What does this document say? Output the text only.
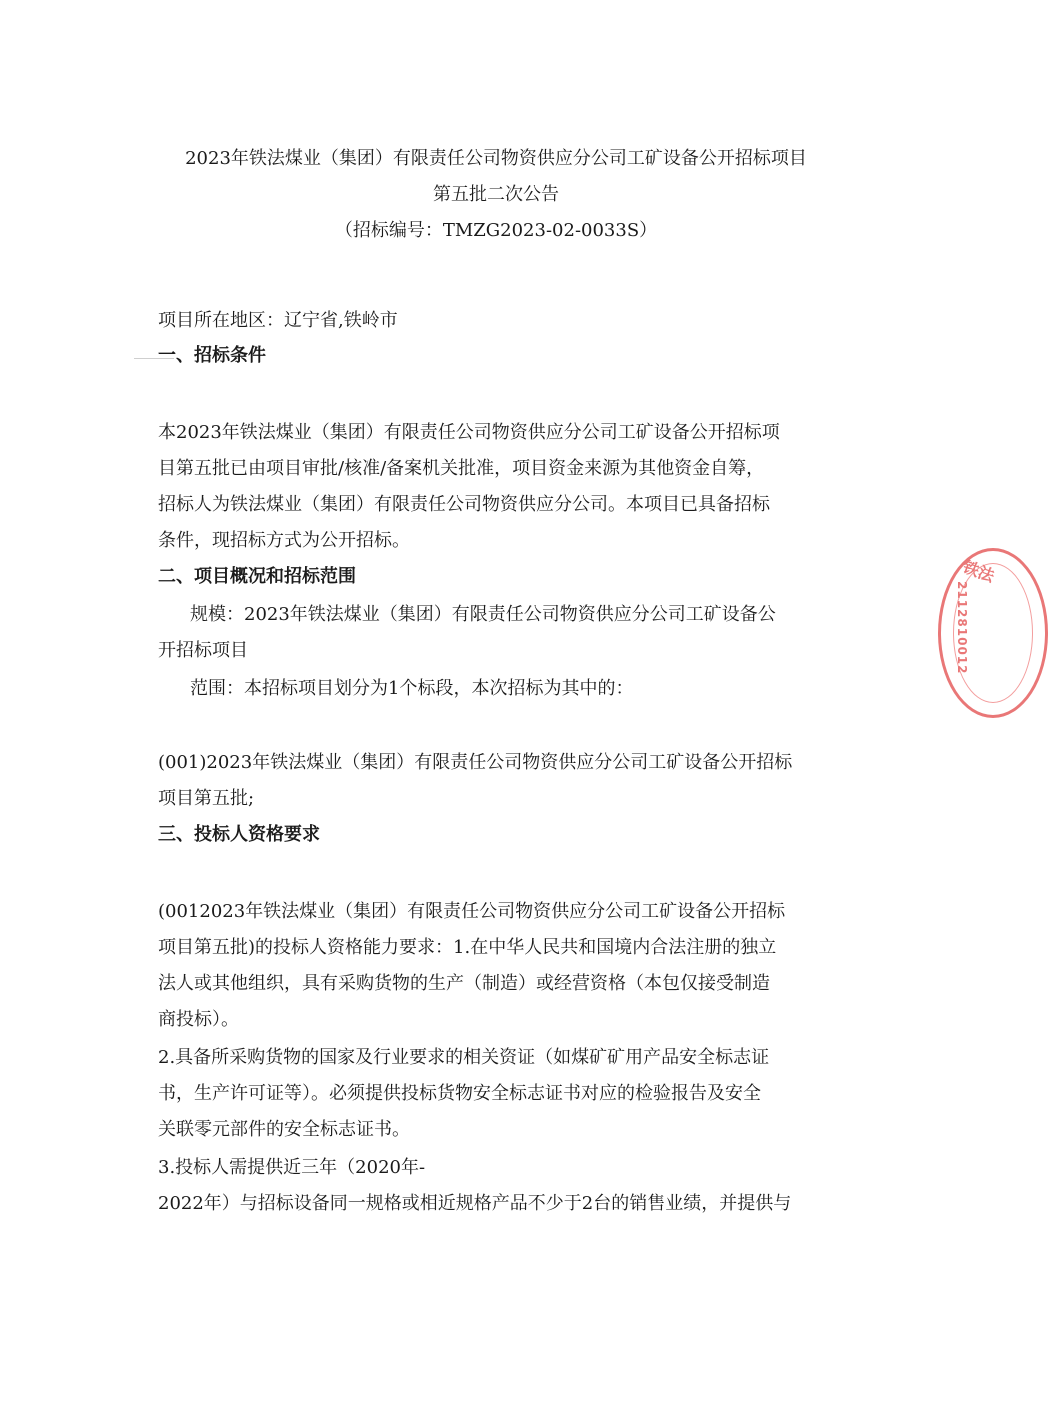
2023年铁法煤业（集团）有限责任公司物资供应分公司工矿设备公开招标项目
第五批二次公告
（招标编号：TMZG2023-02-0033S）
项目所在地区：辽宁省,铁岭市
一、招标条件
本2023年铁法煤业（集团）有限责任公司物资供应分公司工矿设备公开招标项
目第五批已由项目审批/核准/备案机关批准，项目资金来源为其他资金自筹，
招标人为铁法煤业（集团）有限责任公司物资供应分公司。本项目已具备招标
条件，现招标方式为公开招标。
二、项目概况和招标范围
规模：2023年铁法煤业（集团）有限责任公司物资供应分公司工矿设备公
开招标项目
范围：本招标项目划分为1个标段，本次招标为其中的：
(001)2023年铁法煤业（集团）有限责任公司物资供应分公司工矿设备公开招标
项目第五批;
三、投标人资格要求
(0012023年铁法煤业（集团）有限责任公司物资供应分公司工矿设备公开招标
项目第五批)的投标人资格能力要求：1.在中华人民共和国境内合法注册的独立
法人或其他组织，具有采购货物的生产（制造）或经营资格（本包仅接受制造
商投标）。
2.具备所采购货物的国家及行业要求的相关资证（如煤矿矿用产品安全标志证
书，生产许可证等）。必须提供投标货物安全标志证书对应的检验报告及安全
关联零元部件的安全标志证书。
3.投标人需提供近三年（2020年-
2022年）与招标设备同一规格或相近规格产品不少于2台的销售业绩，并提供与
铁法
2112810012
